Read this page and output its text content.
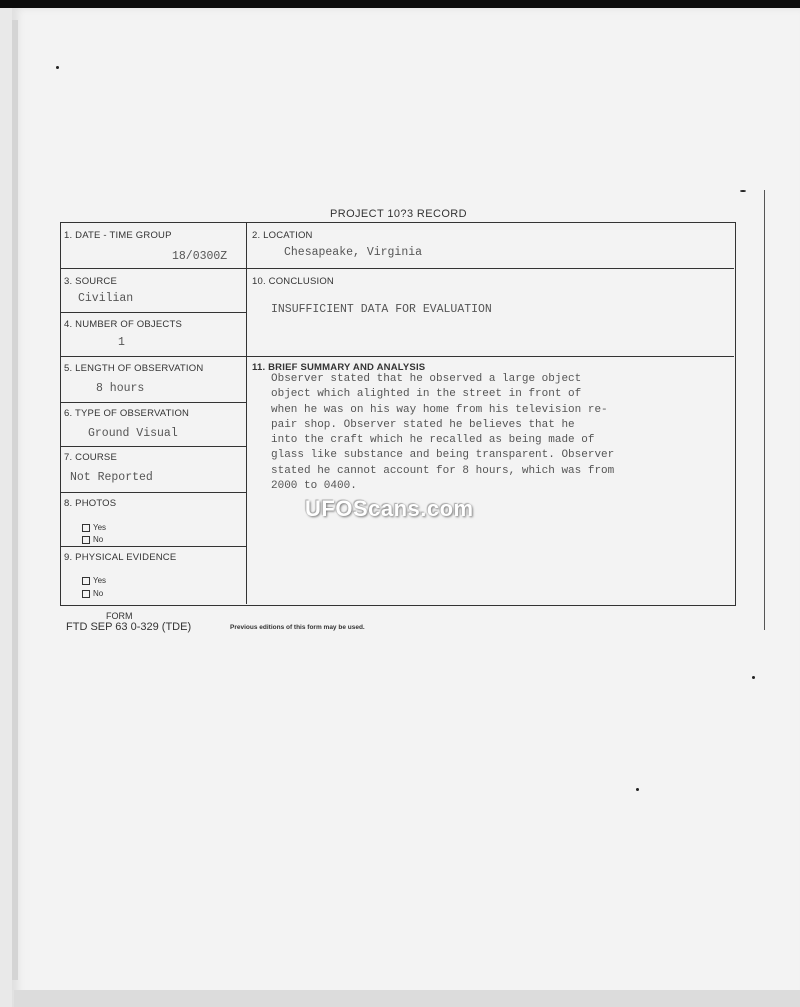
PROJECT 10?3 RECORD
1. DATE - TIME GROUP
18/0300Z
2. LOCATION
Chesapeake, Virginia
3. SOURCE
Civilian
10. CONCLUSION
INSUFFICIENT DATA FOR EVALUATION
4. NUMBER OF OBJECTS
1
5. LENGTH OF OBSERVATION
8 hours
11. BRIEF SUMMARY AND ANALYSIS
6. TYPE OF OBSERVATION
Ground Visual
7. COURSE
Not Reported
8. PHOTOS
Yes
No
9. PHYSICAL EVIDENCE
Yes
No
Observer stated that he observed a large object
object which alighted in the street in front of
when he was on his way home from his television re-
pair shop. Observer stated he believes that he
into the craft which he recalled as being made of
glass like substance and being transparent. Observer
stated he cannot account for 8 hours, which was from
2000 to 0400.
UFOScans.com
FORM
FTD SEP 63 0-329 (TDE)	Previous editions of this form may be used.
